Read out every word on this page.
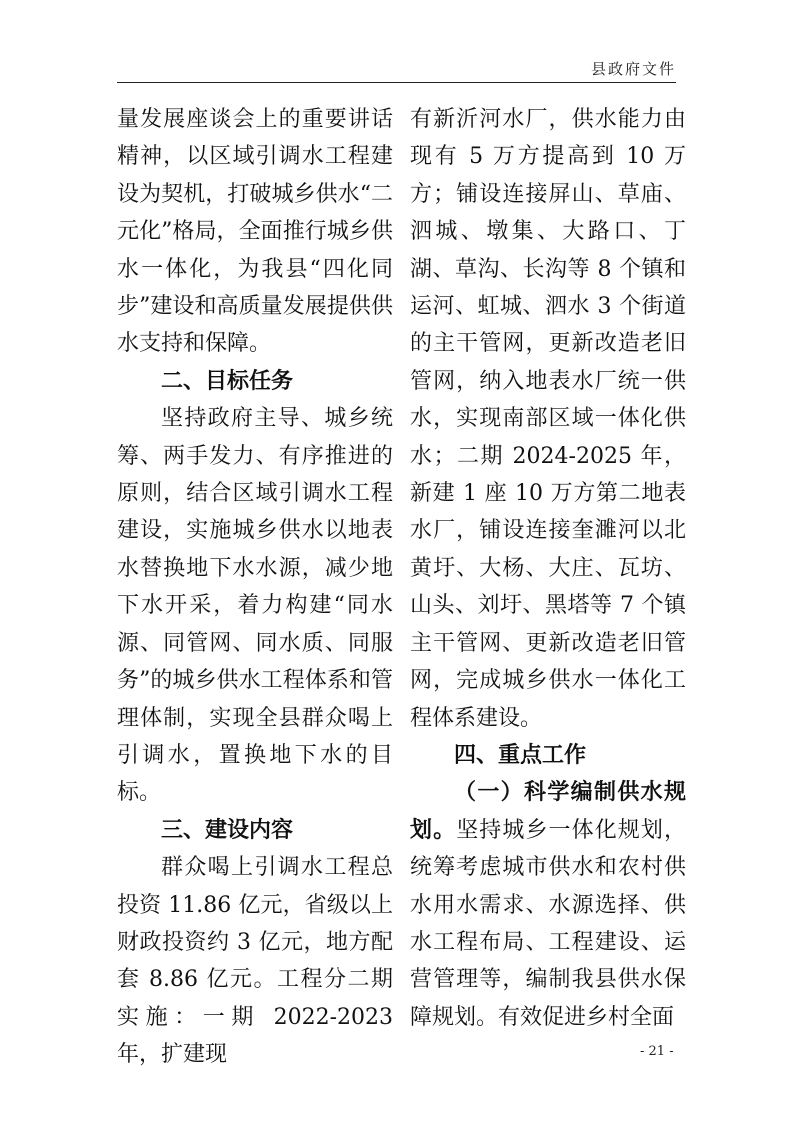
县政府文件

量发展座谈会上的重要讲话精神，以区域引调水工程建设为契机，打破城乡供水“二元化”格局，全面推行城乡供水一体化，为我县“四化同步”建设和高质量发展提供供水支持和保障。

二、目标任务

坚持政府主导、城乡统筹、两手发力、有序推进的原则，结合区域引调水工程建设，实施城乡供水以地表水替换地下水水源，减少地下水开采，着力构建“同水源、同管网、同水质、同服务”的城乡供水工程体系和管理体制，实现全县群众喝上引调水，置换地下水的目标。

三、建设内容

群众喝上引调水工程总投资 11.86 亿元，省级以上财政投资约 3 亿元，地方配套 8.86 亿元。工程分二期实施：一期 2022-2023 年，扩建现

有新沂河水厂，供水能力由现有 5 万方提高到 10 万方；铺设连接屏山、草庙、泗城、墩集、大路口、丁湖、草沟、长沟等 8 个镇和运河、虹城、泗水 3 个街道的主干管网，更新改造老旧管网，纳入地表水厂统一供水，实现南部区域一体化供水；二期 2024-2025 年，新建 1 座 10 万方第二地表水厂，铺设连接奎濉河以北黄圩、大杨、大庄、瓦坊、山头、刘圩、黑塔等 7 个镇主干管网、更新改造老旧管网，完成城乡供水一体化工程体系建设。

四、重点工作

（一）科学编制供水规划。坚持城乡一体化规划，统筹考虑城市供水和农村供水用水需求、水源选择、供水工程布局、工程建设、运营管理等，编制我县供水保障规划。有效促进乡村全面

- 21 -
